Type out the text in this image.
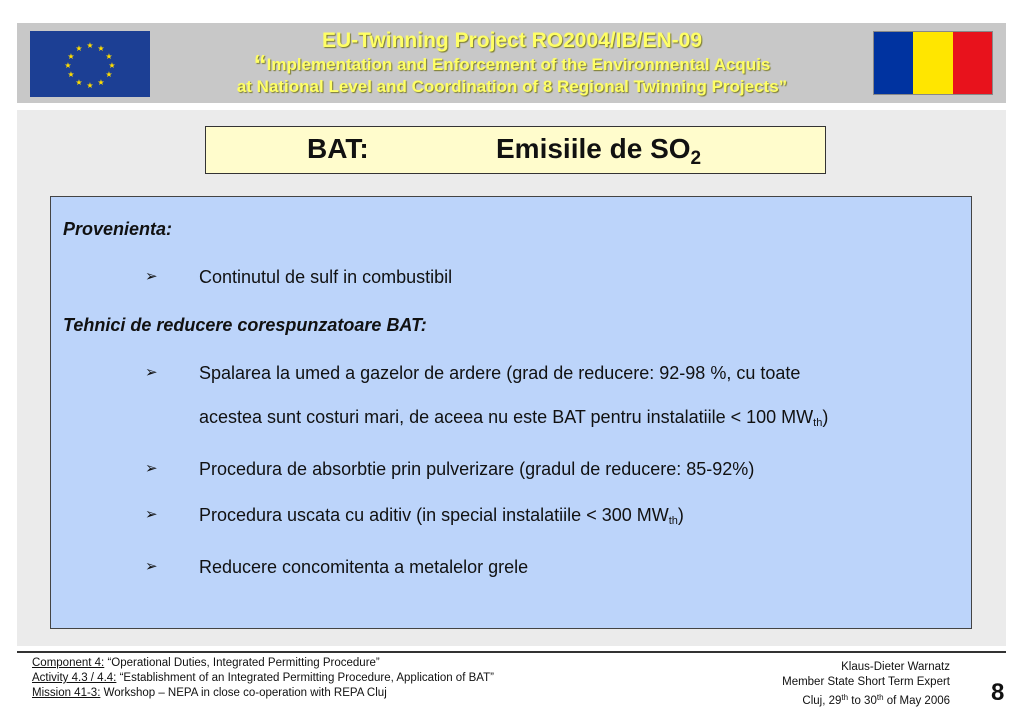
★ ★
★
★
★
★
★
★
★
★
★
★	EU-Twinning Project RO2004/IB/EN-09
“Implementation and Enforcement of the Environmental Acquis
at National Level and Coordination of 8 Regional Twinning Projects”
BAT:	Emisiile de $SO_2$

Provenienta:

➢ Continutul de sulf in combustibil

Tehnici de reducere corespunzatoare BAT:

➢ Spalarea la umed a gazelor de ardere (grad de reducere: 92-98 %, cu toate
acestea sunt costuri mari, de aceea nu este BAT pentru instalatiile < 100 $MW_{th}$)

➢ Procedura de absorbtie prin pulverizare (gradul de reducere: 85-92%)

➢ Procedura uscata cu aditiv (in special instalatiile < 300 $MW_{th}$)

➢ Reducere concomitenta a metalelor grele

Component 4: “Operational Duties, Integrated Permitting Procedure”
Activity 4.3 / 4.4: “Establishment of an Integrated Permitting Procedure, Application of BAT”
Mission 41-3: Workshop – NEPA in close co-operation with REPA Cluj
Klaus-Dieter Warnatz
Member State Short Term Expert
Cluj, 29th to 30th of May 2006 8
